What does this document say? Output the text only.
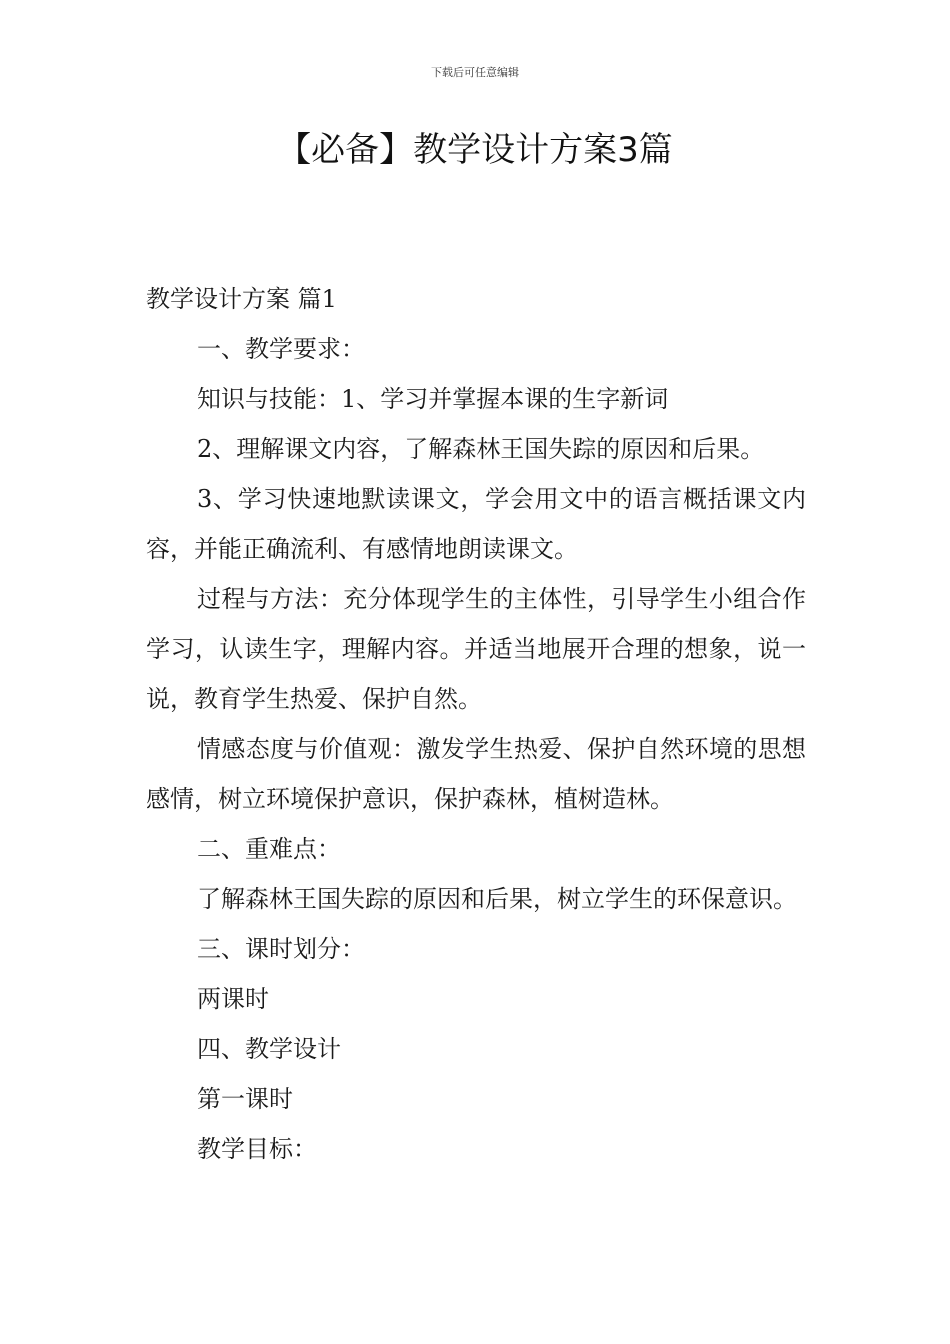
下载后可任意编辑
【必备】教学设计方案3篇

教学设计方案 篇1

一、教学要求：

知识与技能：1、学习并掌握本课的生字新词

2、理解课文内容，了解森林王国失踪的原因和后果。

3、学习快速地默读课文，学会用文中的语言概括课文内容，并能正确流利、有感情地朗读课文。

过程与方法：充分体现学生的主体性，引导学生小组合作学习，认读生字，理解内容。并适当地展开合理的想象，说一说，教育学生热爱、保护自然。

情感态度与价值观：激发学生热爱、保护自然环境的思想感情，树立环境保护意识，保护森林，植树造林。

二、重难点：

了解森林王国失踪的原因和后果，树立学生的环保意识。

三、课时划分：

两课时

四、教学设计

第一课时

教学目标：
